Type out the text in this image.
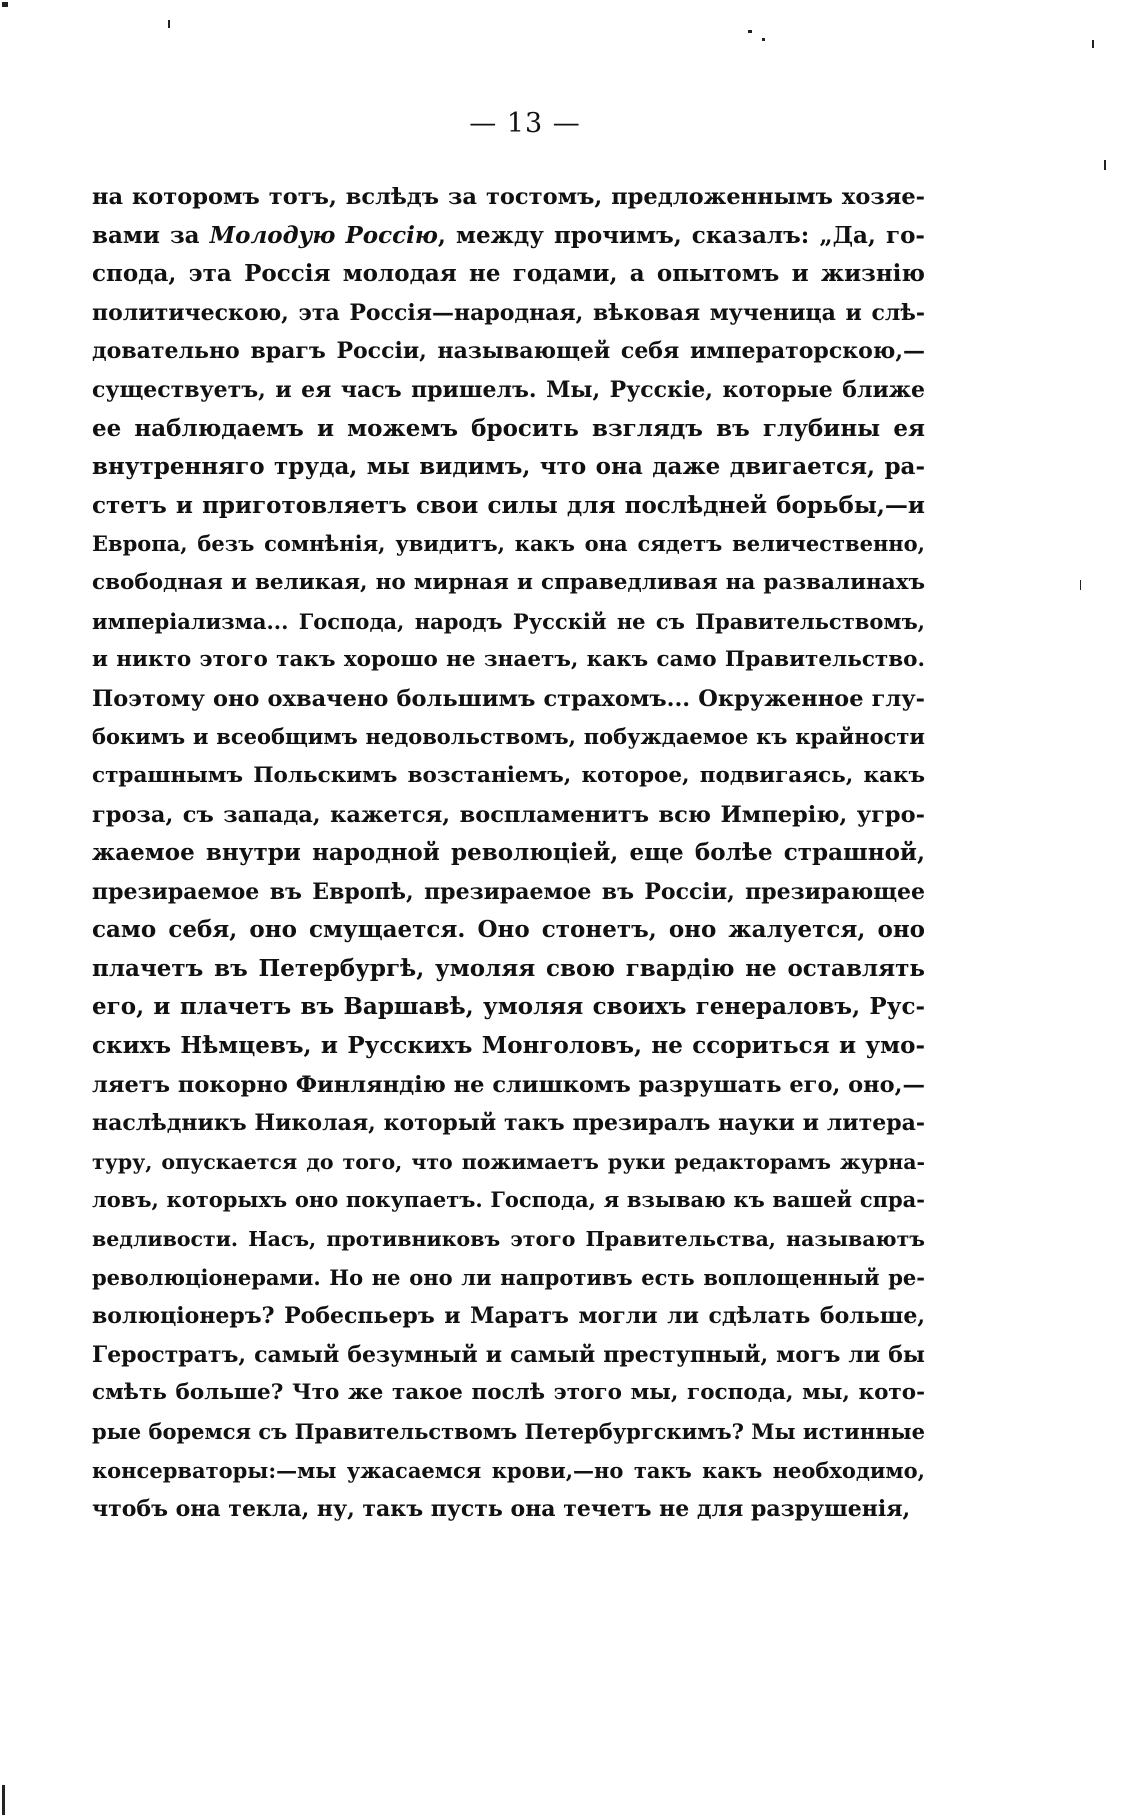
— 13 —
на которомъ тотъ, вслѣдъ за тостомъ, предложеннымъ хозяе-
вами за Молодую Россію, между прочимъ, сказалъ: „Да, го-
спода, эта Россія молодая не годами, а опытомъ и жизнію
политическою, эта Россія—народная, вѣковая мученица и слѣ-
довательно врагъ Россіи, называющей себя императорскою,—
существуетъ, и ея часъ пришелъ. Мы, Русскіе, которые ближе
ее наблюдаемъ и можемъ бросить взглядъ въ глубины ея
внутренняго труда, мы видимъ, что она даже двигается, ра-
стетъ и приготовляетъ свои силы для послѣдней борьбы,—и
Европа, безъ сомнѣнія, увидитъ, какъ она сядетъ величественно,
свободная и великая, но мирная и справедливая на развалинахъ
имперіализма... Господа, народъ Русскій не съ Правительствомъ,
и никто этого такъ хорошо не знаетъ, какъ само Правительство.
Поэтому оно охвачено большимъ страхомъ... Окруженное глу-
бокимъ и всеобщимъ недовольствомъ, побуждаемое къ крайности
страшнымъ Польскимъ возстаніемъ, которое, подвигаясь, какъ
гроза, съ запада, кажется, воспламенитъ всю Имперію, угро-
жаемое внутри народной революціей, еще болѣе страшной,
презираемое въ Европѣ, презираемое въ Россіи, презирающее
само себя, оно смущается. Оно стонетъ, оно жалуется, оно
плачетъ въ Петербургѣ, умоляя свою гвардію не оставлять
его, и плачетъ въ Варшавѣ, умоляя своихъ генераловъ, Рус-
скихъ Нѣмцевъ, и Русскихъ Монголовъ, не ссориться и умо-
ляетъ покорно Финляндію не слишкомъ разрушать его, оно,—
наслѣдникъ Николая, который такъ презиралъ науки и литера-
туру, опускается до того, что пожимаетъ руки редакторамъ журна-
ловъ, которыхъ оно покупаетъ. Господа, я взываю къ вашей спра-
ведливости. Насъ, противниковъ этого Правительства, называютъ
революціонерами. Но не оно ли напротивъ есть воплощенный ре-
волюціонеръ? Робеспьеръ и Маратъ могли ли сдѣлать больше,
Геростратъ, самый безумный и самый преступный, могъ ли бы
смѣть больше? Что же такое послѣ этого мы, господа, мы, кото-
рые боремся съ Правительствомъ Петербургскимъ? Мы истинные
консерваторы:—мы ужасаемся крови,—но такъ какъ необходимо,
чтобъ она текла, ну, такъ пусть она течетъ не для разрушенія,
